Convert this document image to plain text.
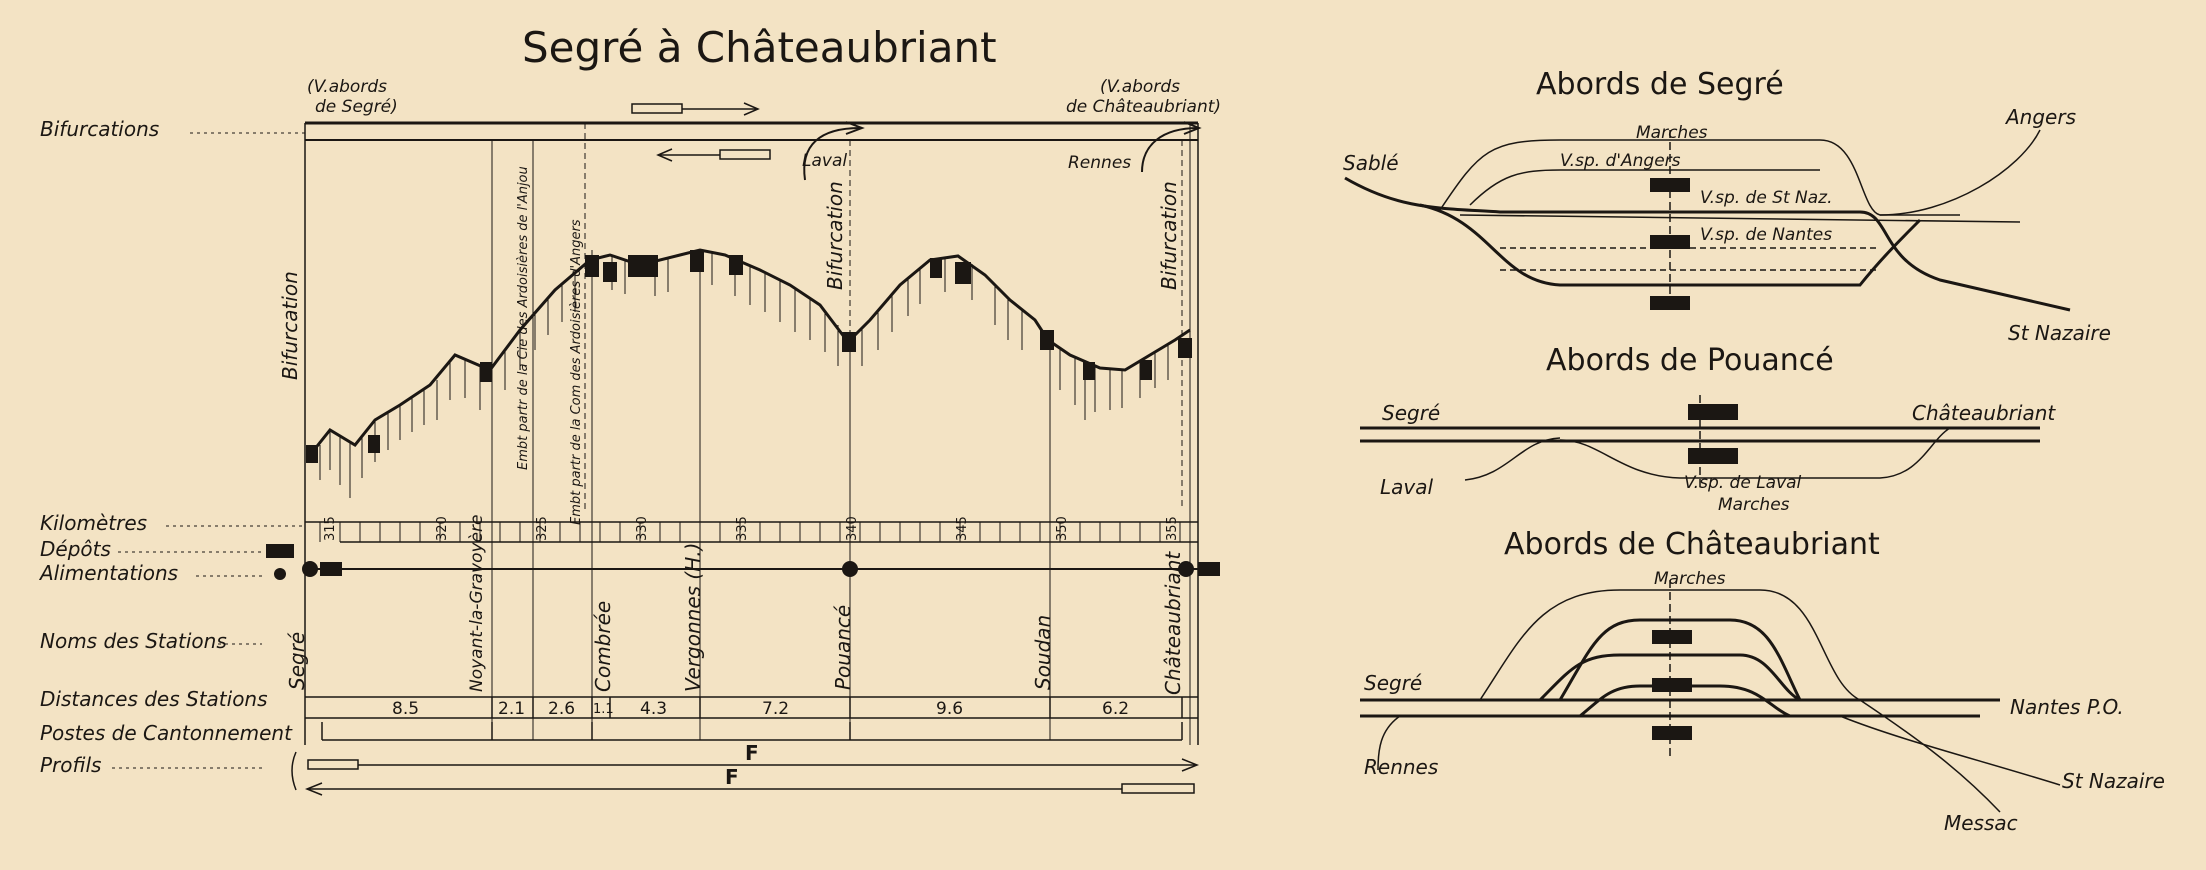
Segré à Châteaubriant
(V.abords
de Segré)
(V.abords
de Châteaubriant)
Bifurcations
Laval	Rennes
Bifurcation
Bifurcation	Bifurcation
Embt partr de la Cie des Ardoisières de l'Anjou	Embt partr de la Com des Ardoisières d'Angers
Kilomètres	315	320	325	330	335	340	345	350	355
Dépôts
Alimentations
Noms des Stations	Segré	Noyant-la-Gravoyère	Combrée	Vergonnes (H.)	Pouancé	Soudan	Châteaubriant
Distances des Stations	8.5	2.1 2.6 1.1 4.3	7.2	9.6	6.2
Postes de Cantonnement
Profils	F
F
Abords de Segré
Sablé
Angers
St Nazaire
Marches
V.sp. d'Angers
V.sp. de St Naz.
V.sp. de Nantes
Abords de Pouancé
Segré	Châteaubriant
Laval	V.sp. de Laval
Marches
Abords de Châteaubriant
Marches
Segré
Nantes P.O.
Rennes
St Nazaire
Messac
